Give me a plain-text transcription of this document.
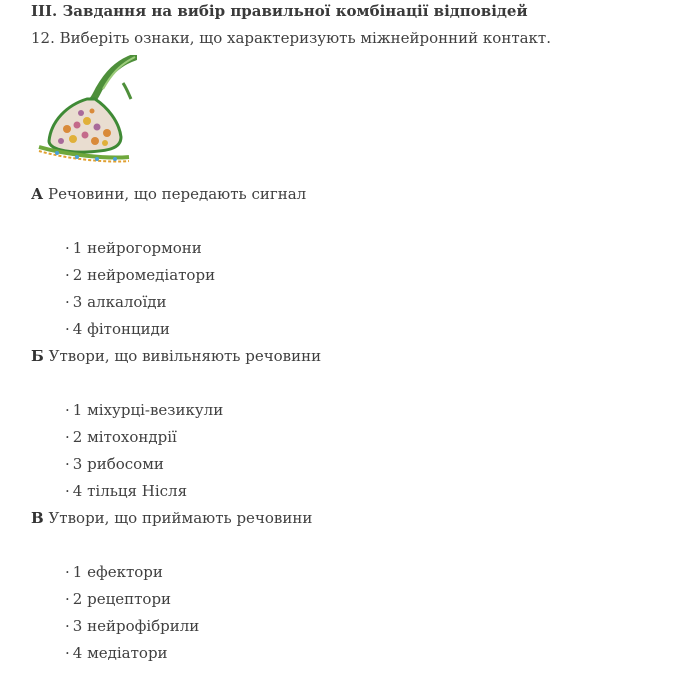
III. Завдання на вибір правильної комбінації відповідей
12. Виберіть ознаки, що характеризують міжнейронний контакт.
А Речовини, що передають сигнал
· 1 нейрогормони
· 2 нейромедіатори
· 3 алкалоїди
· 4 фітонциди
Б Утвори, що вивільняють речовини
· 1 міхурці-везикули
· 2 мітохондрії
· 3 рибосоми
· 4 тільця Нісля
В Утвори, що приймають речовини
· 1 ефектори
· 2 рецептори
· 3 нейрофібрили
· 4 медіатори
